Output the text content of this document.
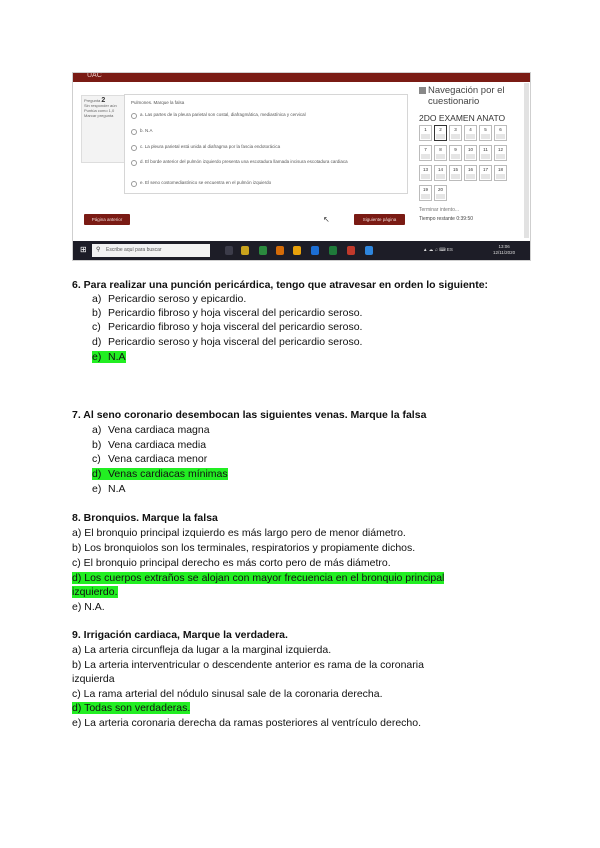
UAC
Pregunta 2
Sin responder aún
Puntúa como 1,0
Marcar pregunta
Pulmones. Marque la falsa
a. Las partes de la pleura parietal son costal, diafragmática, mediastínica y cervical
b. N.A
c. La pleura parietal está unida al diafragma por la fascia endotorácica
d. El borde anterior del pulmón izquierdo presenta una escotadura llamada incisura escotadura cardiaca
e. El seno costomediastínico se encuentra en el pulmón izquierdo
Página anterior	↖	Siguiente página
Navegación por el cuestionario
2DO EXAMEN ANATO
1	2	3	4	5	6
7	8	9	10	11	12
13	14	15	16	17	18
19	20
Terminar intento...
Tiempo restante 0:39:50
⊞ ⚲ Escribe aquí para buscar	▲ ☁ ♫ ⌨ ES
13:06
12/11/2020
6. Para realizar una punción pericárdica, tengo que atravesar en orden lo siguiente:
a) Pericardio seroso y epicardio.
b) Pericardio fibroso y hoja visceral del pericardio seroso.
c) Pericardio fibroso y hoja visceral del pericardio seroso.
d) Pericardio seroso y hoja visceral del pericardio seroso.
e) N.A
7. Al seno coronario desembocan las siguientes venas. Marque la falsa
a) Vena cardiaca magna
b) Vena cardiaca media
c) Vena cardiaca menor
d) Venas cardiacas mínimas
e) N.A
8. Bronquios. Marque la falsa
a) El bronquio principal izquierdo es más largo pero de menor diámetro.
b) Los bronquiolos son los terminales, respiratorios y propiamente dichos.
c) El bronquio principal derecho es más corto pero de más diámetro.
d) Los cuerpos extraños se alojan con mayor frecuencia en el bronquio principal
izquierdo.
e) N.A.
9. Irrigación cardiaca, Marque la verdadera.
a) La arteria circunfleja da lugar a la marginal izquierda.
b) La arteria interventricular o descendente anterior es rama de la coronaria
izquierda
c) La rama arterial del nódulo sinusal sale de la coronaria derecha.
d) Todas son verdaderas.
e) La arteria coronaria derecha da ramas posteriores al ventrículo derecho.
